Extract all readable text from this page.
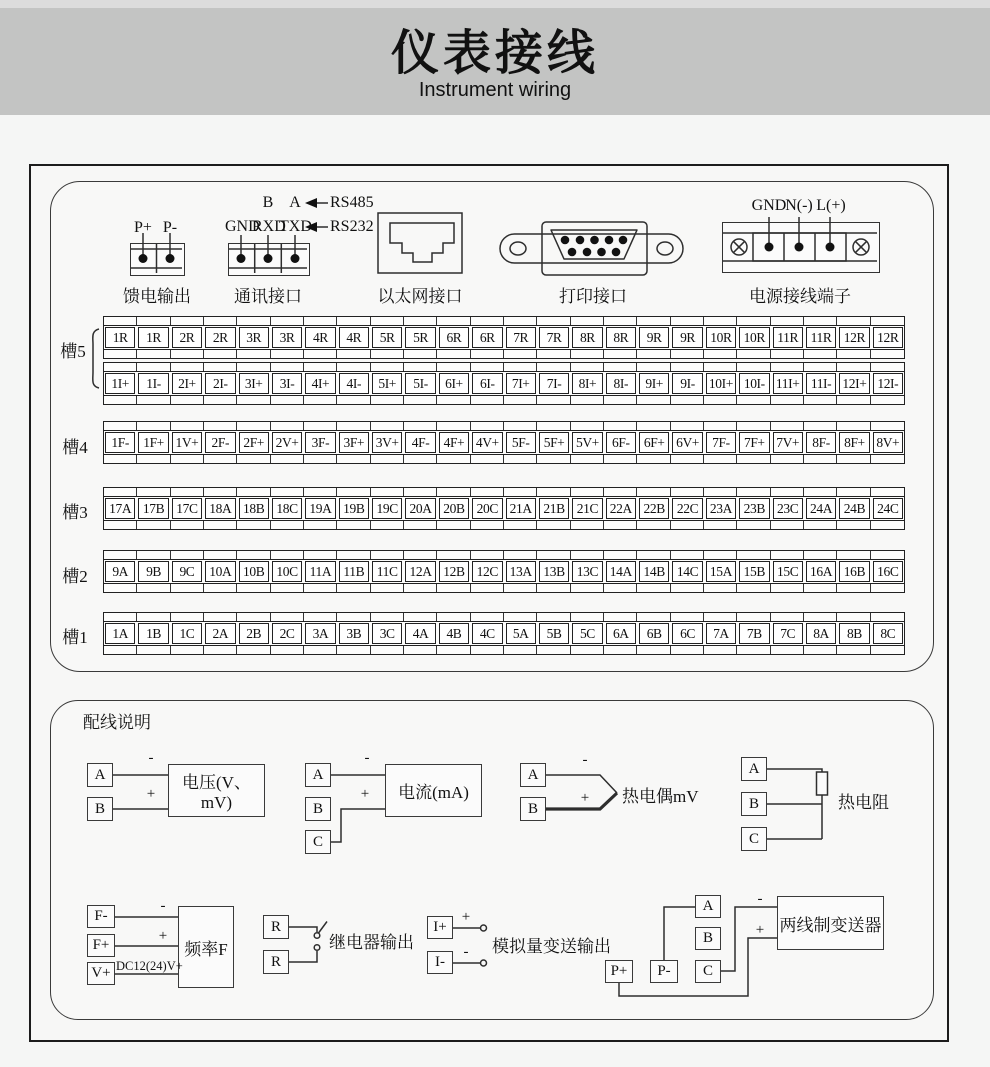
仪表接线
Instrument wiring
P+ P-
B A
GND
RXD
TXD
RS485
RS232
GND
N(-) L(+)
馈电输出	通讯接口	以太网接口	打印接口	电源接线端子
槽5
槽4
槽3
槽2
槽1
1R	1R	2R	2R	3R	3R	4R	4R	5R	5R	6R	6R	7R	7R	8R	8R	9R	9R	10R 10R 11R 11R 12R 12R
1I+	1I-	2I+	2I-	3I+	3I-	4I+	4I-	5I+	5I-	6I+	6I-	7I+	7I-	8I+	8I-	9I+	9I-	10I+ 10I- 11I+ 11I- 12I+ 12I-
1F-	1F+ 1V+ 2F-	2F+ 2V+ 3F-	3F+ 3V+ 4F-	4F+ 4V+ 5F-	5F+ 5V+ 6F-	6F+ 6V+ 7F-	7F+ 7V+ 8F-	8F+ 8V+
17A 17B 17C 18A 18B 18C 19A 19B 19C 20A 20B 20C 21A 21B 21C 22A 22B 22C 23A 23B 23C 24A 24B 24C
9A	9B	9C	10A 10B 10C 11A 11B 11C 12A 12B 12C 13A 13B 13C 14A 14B 14C 15A 15B 15C 16A 16B 16C
1A	1B	1C	2A	2B	2C	3A	3B	3C	4A	4B	4C	5A	5B	5C	6A	6B	6C	7A	7B	7C	8A	8B	8C
配线说明
A
B
电压(V、mV)
-
+
A
B
C
电流(mA)
-
+
A
B
-
+ 热电偶mV
A
B
C
热电阻
F-
F+
V+
频率F
-
+
DC12(24)V+
R
R
继电器输出
I+
I-
+
- 模拟量变送输出
A
B
C
P+	P-
两线制变送器
-
+
